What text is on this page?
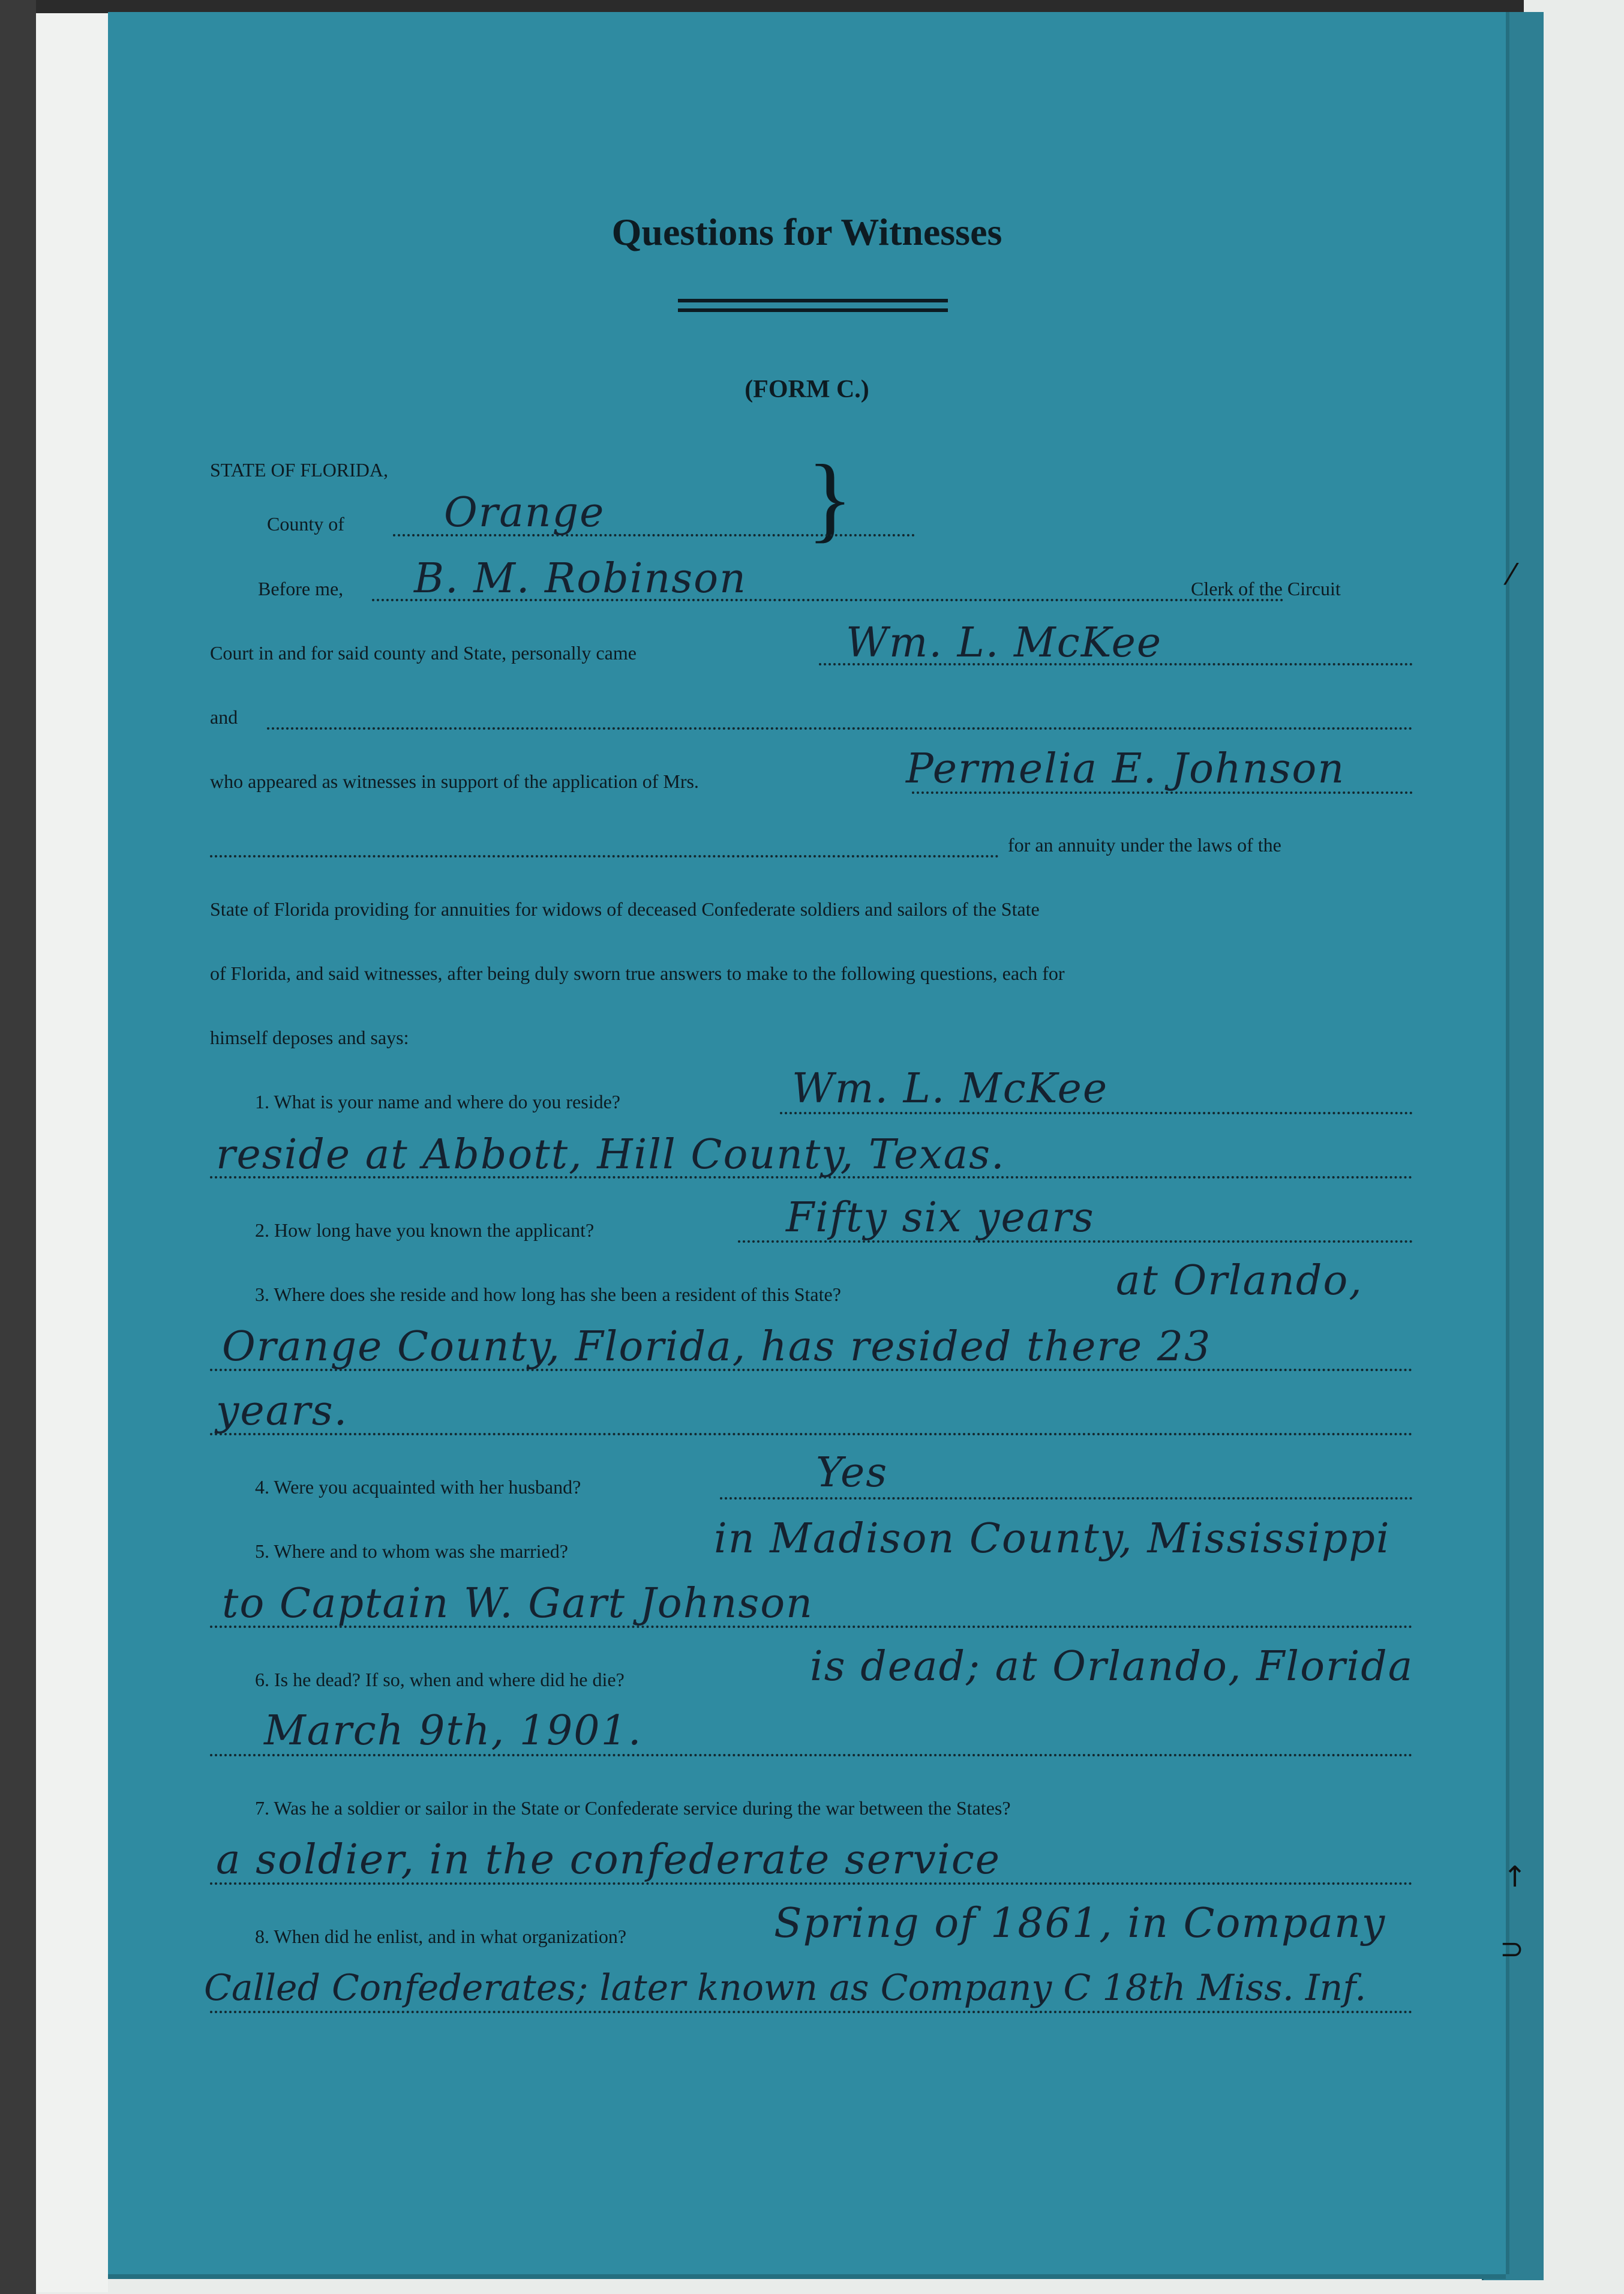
Questions for Witnesses
(FORM C.)
STATE OF FLORIDA,	}
County of	Orange
Before me,	B. M. Robinson	Clerk of the Circuit
Court in and for said county and State, personally came	Wm. L. McKee
and
who appeared as witnesses in support of the application of Mrs.	Permelia E. Johnson
for an annuity under the laws of the
State of Florida providing for annuities for widows of deceased Confederate soldiers and sailors of the State
of Florida, and said witnesses, after being duly sworn true answers to make to the following questions, each for
himself deposes and says:
1. What is your name and where do you reside?	Wm. L. McKee
reside at Abbott, Hill County, Texas.
2. How long have you known the applicant?	Fifty six years
3. Where does she reside and how long has she been a resident of this State?	at Orlando,
Orange County, Florida, has resided there 23
years.
4. Were you acquainted with her husband?	Yes
5. Where and to whom was she married?	in Madison County, Mississippi
to Captain W. Gart Johnson
6. Is he dead? If so, when and where did he die?	is dead; at Orlando, Florida
March 9th, 1901.
7. Was he a soldier or sailor in the State or Confederate service during the war between the States?
a soldier, in the confederate service
8. When did he enlist, and in what organization?	Spring of 1861, in Company
Called Confederates; later known as Company C 18th Miss. Inf.
⁄
↑
⊃
